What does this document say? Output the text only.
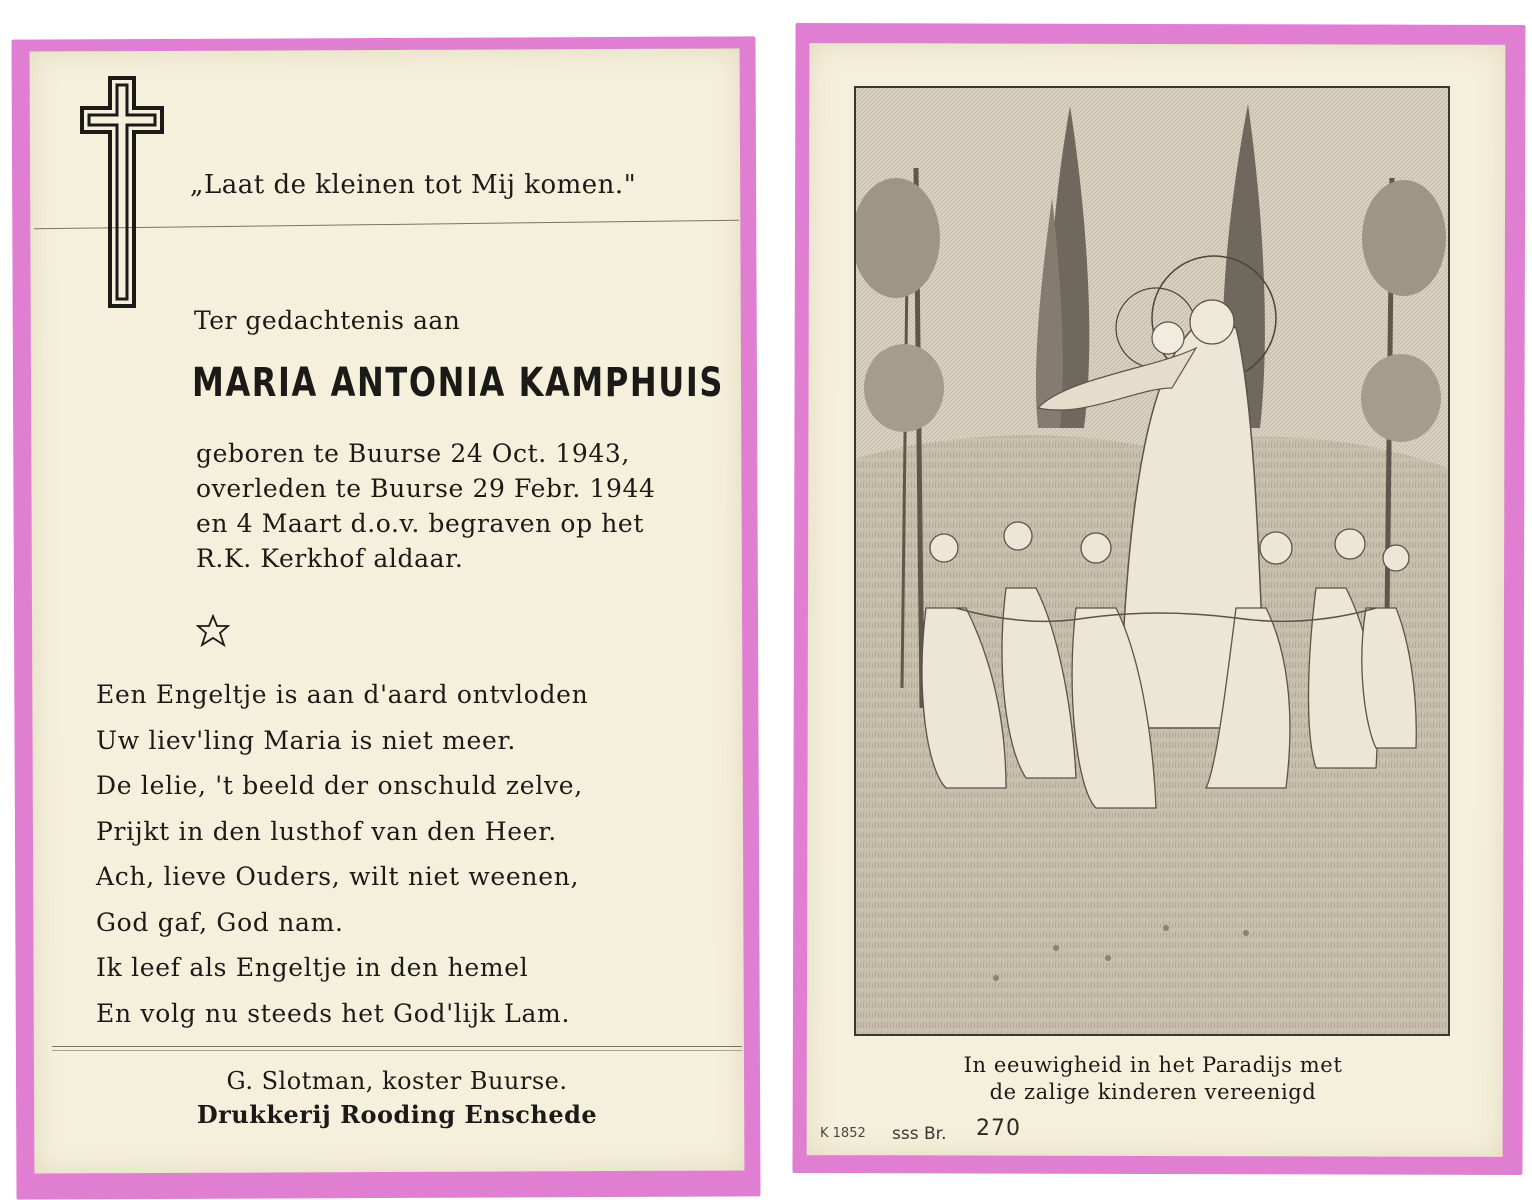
„Laat de kleinen tot Mij komen."
Ter gedachtenis aan
MARIA ANTONIA KAMPHUIS
geboren te Buurse 24 Oct. 1943,
overleden te Buurse 29 Febr. 1944
en 4 Maart d.o.v. begraven op het
R.K. Kerkhof aldaar.
Een Engeltje is aan d'aard ontvloden
Uw liev'ling Maria is niet meer.
De lelie, 't beeld der onschuld zelve,
Prijkt in den lusthof van den Heer.
Ach, lieve Ouders, wilt niet weenen,
God gaf, God nam.
Ik leef als Engeltje in den hemel
En volg nu steeds het God'lijk Lam.
G. Slotman, koster Buurse.
Drukkerij Rooding Enschede
In eeuwigheid in het Paradijs met
de zalige kinderen vereenigd
K 1852 sss Br. 270
